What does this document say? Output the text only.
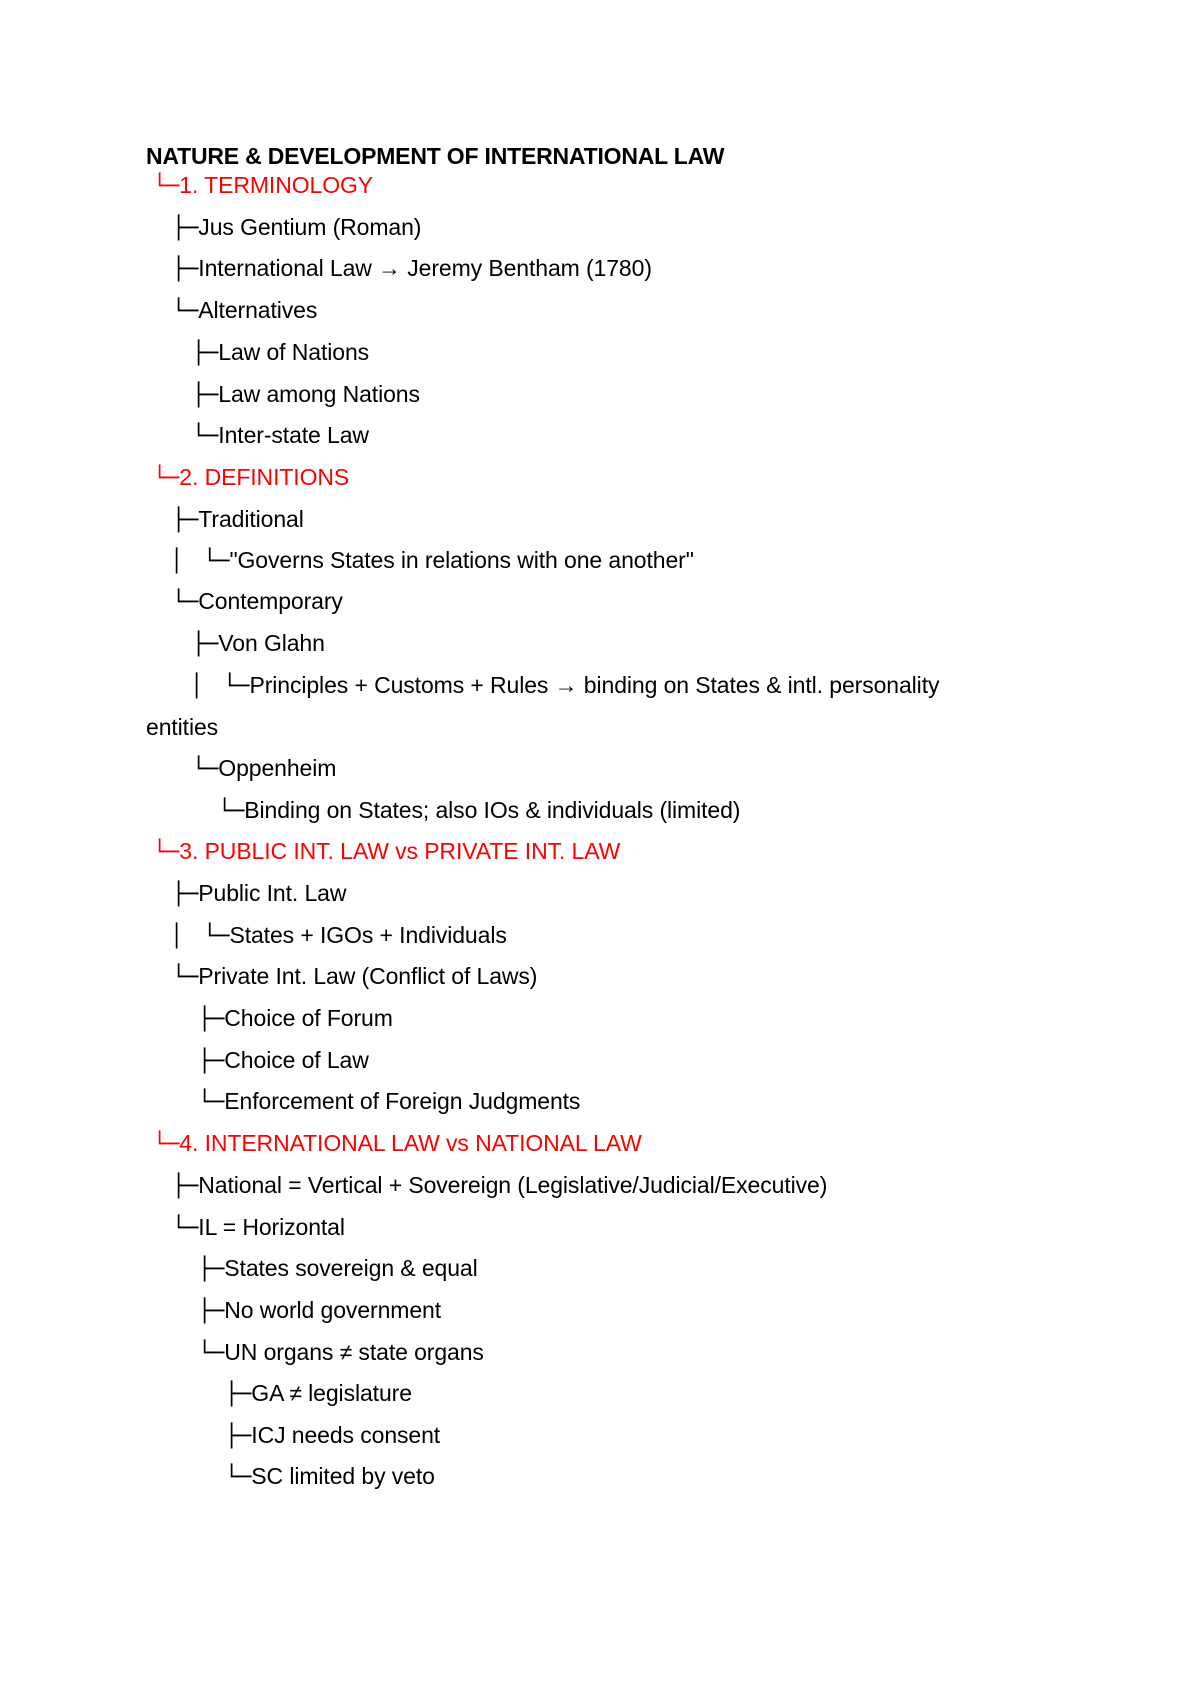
NATURE & DEVELOPMENT OF INTERNATIONAL LAW
└─1. TERMINOLOGY
├─Jus Gentium (Roman)
├─International Law → Jeremy Bentham (1780)
└─Alternatives
├─Law of Nations
├─Law among Nations
└─Inter-state Law
└─2. DEFINITIONS
├─Traditional
│ └─"Governs States in relations with one another"
└─Contemporary
├─Von Glahn
│ └─Principles + Customs + Rules → binding on States & intl. personality
entities
└─Oppenheim
└─Binding on States; also IOs & individuals (limited)
└─3. PUBLIC INT. LAW vs PRIVATE INT. LAW
├─Public Int. Law
│ └─States + IGOs + Individuals
└─Private Int. Law (Conflict of Laws)
├─Choice of Forum
├─Choice of Law
└─Enforcement of Foreign Judgments
└─4. INTERNATIONAL LAW vs NATIONAL LAW
├─National = Vertical + Sovereign (Legislative/Judicial/Executive)
└─IL = Horizontal
├─States sovereign & equal
├─No world government
└─UN organs ≠ state organs
├─GA ≠ legislature
├─ICJ needs consent
└─SC limited by veto
